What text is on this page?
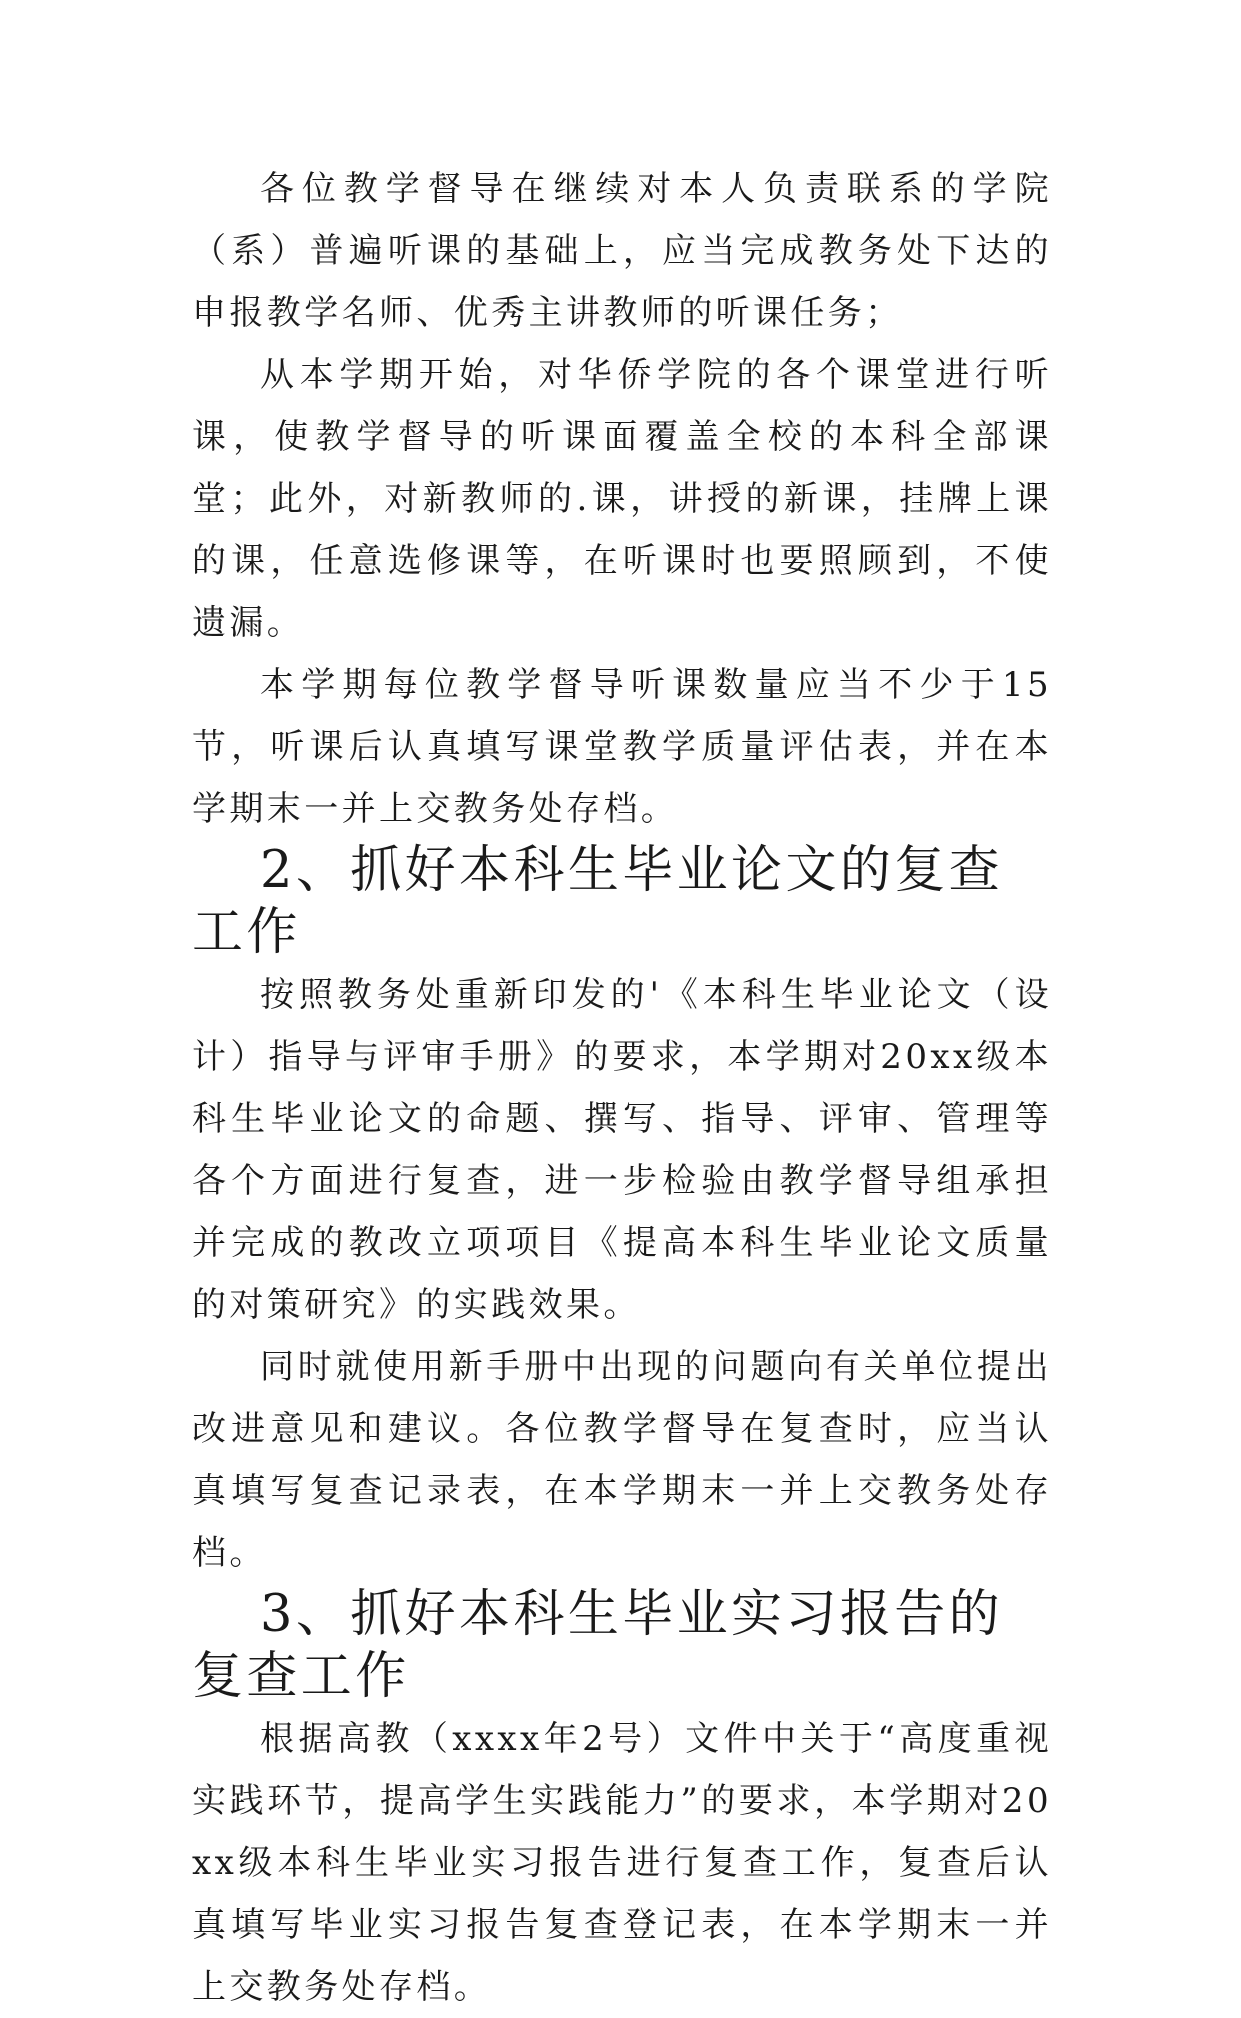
各位教学督导在继续对本人负责联系的学院（系）普遍听课的基础上，应当完成教务处下达的申报教学名师、优秀主讲教师的听课任务；

从本学期开始，对华侨学院的各个课堂进行听课，使教学督导的听课面覆盖全校的本科全部课堂；此外，对新教师的.课，讲授的新课，挂牌上课的课，任意选修课等，在听课时也要照顾到，不使遗漏。

本学期每位教学督导听课数量应当不少于15节，听课后认真填写课堂教学质量评估表，并在本学期末一并上交教务处存档。

2、抓好本科生毕业论文的复查工作

按照教务处重新印发的'《本科生毕业论文（设计）指导与评审手册》的要求，本学期对20xx级本科生毕业论文的命题、撰写、指导、评审、管理等各个方面进行复查，进一步检验由教学督导组承担并完成的教改立项项目《提高本科生毕业论文质量的对策研究》的实践效果。

同时就使用新手册中出现的问题向有关单位提出改进意见和建议。各位教学督导在复查时，应当认真填写复查记录表，在本学期末一并上交教务处存档。

3、抓好本科生毕业实习报告的复查工作

根据高教（xxxx年2号）文件中关于“高度重视实践环节，提高学生实践能力”的要求，本学期对20xx级本科生毕业实习报告进行复查工作，复查后认真填写毕业实习报告复查登记表，在本学期末一并上交教务处存档。
